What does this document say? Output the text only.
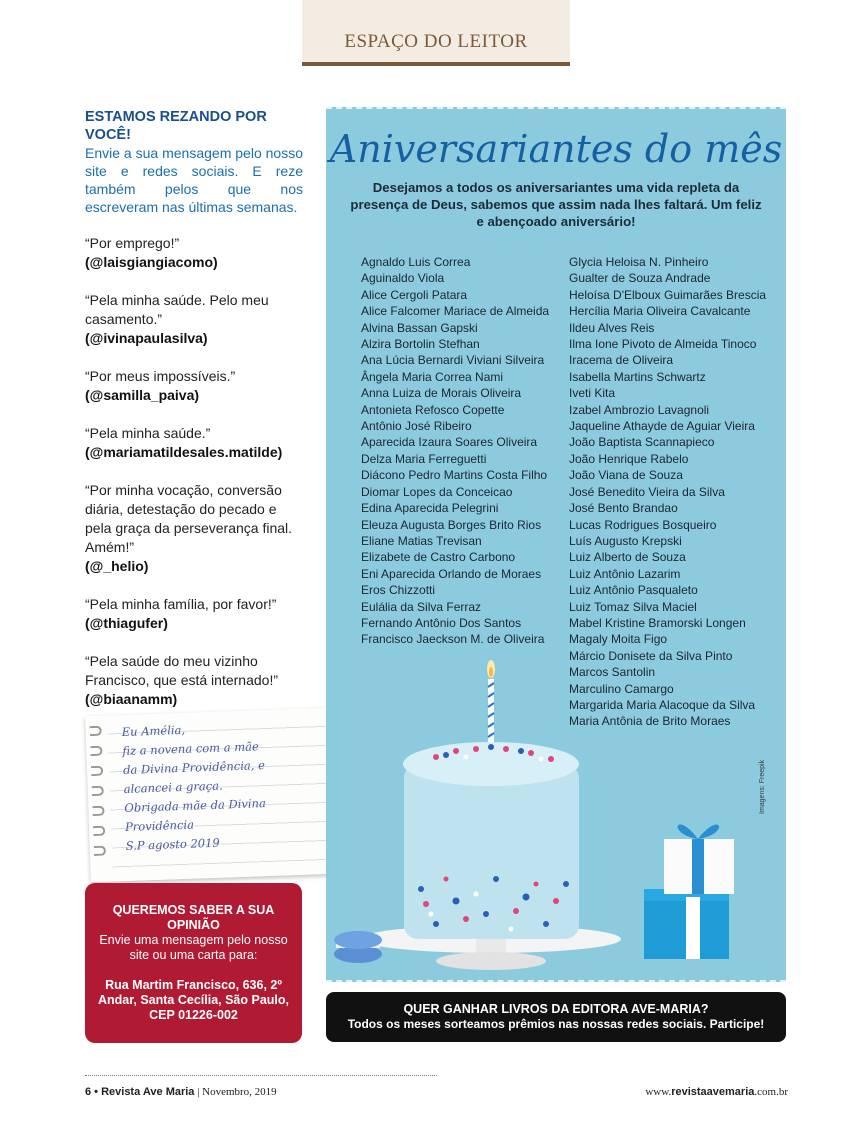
ESPAÇO DO LEITOR
ESTAMOS REZANDO POR VOCÊ!
Envie a sua mensagem pelo nosso site e redes sociais. E reze também pelos que nos escreveram nas últimas semanas.
“Por emprego!”
(@laisgiangiacomo)
“Pela minha saúde. Pelo meu casamento.”
(@ivinapaulasilva)
“Por meus impossíveis.”
(@samilla_paiva)
“Pela minha saúde.”
(@mariamatildesales.matilde)
“Por minha vocação, conversão diária, detestação do pecado e pela graça da perseverança final. Amém!”
(@_helio)
“Pela minha família, por favor!”
(@thiagufer)
“Pela saúde do meu vizinho Francisco, que está internado!”
(@biaanamm)
Eu Amélia,
fiz a novena com a mãe
da Divina Providência, e
alcancei a graça.
Obrigada mãe da Divina
Providência
S.P agosto 2019
QUEREMOS SABER A SUA OPINIÃO
Envie uma mensagem pelo nosso site ou uma carta para:
Rua Martim Francisco, 636, 2º Andar, Santa Cecília, São Paulo, CEP 01226-002
Aniversariantes do mês
Desejamos a todos os aniversariantes uma vida repleta da presença de Deus, sabemos que assim nada lhes faltará. Um feliz e abençoado aniversário!
Agnaldo Luis Correa
Aguinaldo Viola
Alice Cergoli Patara
Alice Falcomer Mariace de Almeida
Alvina Bassan Gapski
Alzira Bortolin Stefhan
Ana Lúcia Bernardi Viviani Silveira
Ângela Maria Correa Nami
Anna Luiza de Morais Oliveira
Antonieta Refosco Copette
Antônio José Ribeiro
Aparecida Izaura Soares Oliveira
Delza Maria Ferreguetti
Diácono Pedro Martins Costa Filho
Diomar Lopes da Conceicao
Edina Aparecida Pelegrini
Eleuza Augusta Borges Brito Rios
Eliane Matias Trevisan
Elizabete de Castro Carbono
Eni Aparecida Orlando de Moraes
Eros Chizzotti
Eulália da Silva Ferraz
Fernando Antônio Dos Santos
Francisco Jaeckson M. de Oliveira
Glycia Heloisa N. Pinheiro
Gualter de Souza Andrade
Heloísa D'Elboux Guimarães Brescia
Hercília Maria Oliveira Cavalcante
Ildeu Alves Reis
Ilma Ione Pivoto de Almeida Tinoco
Iracema de Oliveira
Isabella Martins Schwartz
Iveti Kita
Izabel Ambrozio Lavagnoli
Jaqueline Athayde de Aguiar Vieira
João Baptista Scannapieco
João Henrique Rabelo
João Viana de Souza
José Benedito Vieira da Silva
José Bento Brandao
Lucas Rodrigues Bosqueiro
Luís Augusto Krepski
Luiz Alberto de Souza
Luiz Antônio Lazarim
Luiz Antônio Pasqualeto
Luiz Tomaz Silva Maciel
Mabel Kristine Bramorski Longen
Magaly Moita Figo
Márcio Donisete da Silva Pinto
Marcos Santolin
Marculino Camargo
Margarida Maria Alacoque da Silva
Maria Antônia de Brito Moraes
Imagens: Freepik
QUER GANHAR LIVROS DA EDITORA AVE-MARIA?
Todos os meses sorteamos prêmios nas nossas redes sociais. Participe!
6 • Revista Ave Maria | Novembro, 2019	www.revistaavemaria.com.br
